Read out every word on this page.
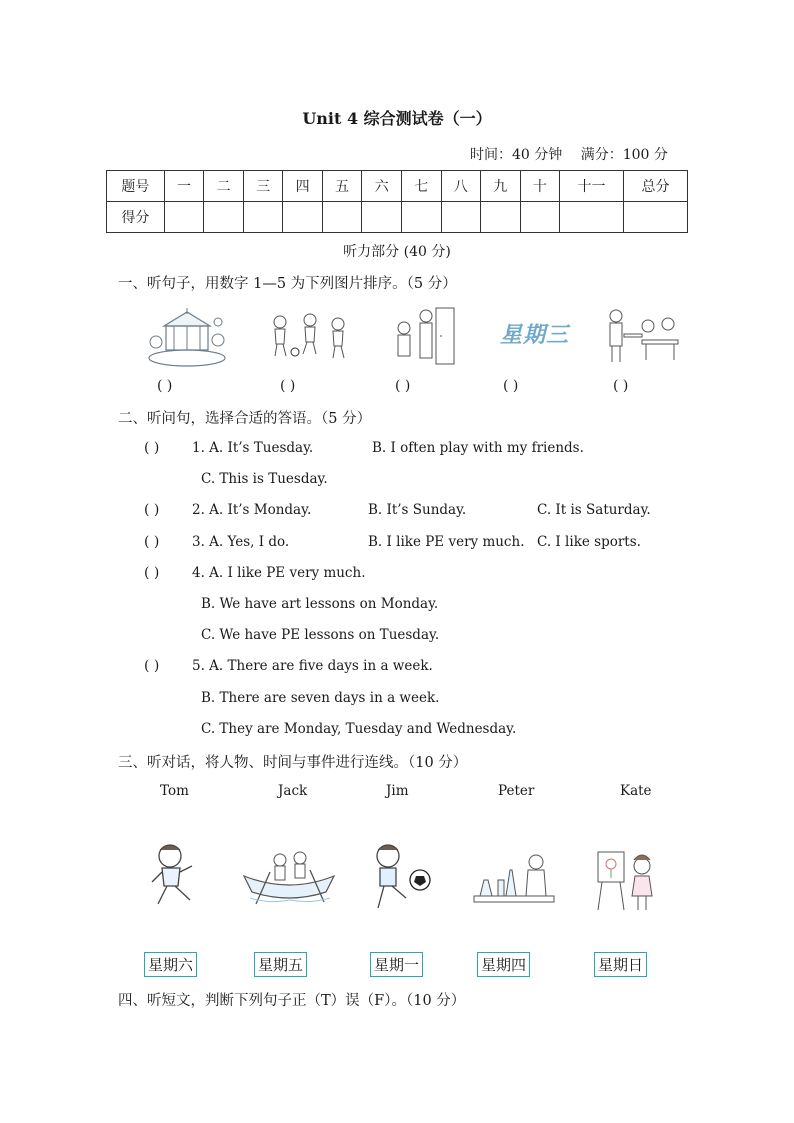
Unit 4 综合测试卷（一）
时间：40 分钟 满分：100 分
题号	一	二	三	四	五	六	七	八	九	十	十一	总分
得分												
听力部分 (40 分)
一、听句子，用数字 1—5 为下列图片排序。（5 分）
星期三
( )	( )	( )	( )	( )
二、听问句，选择合适的答语。（5 分）
( ) 1. A. It’s Tuesday.	B. I often play with my friends.
C. This is Tuesday.
( ) 2. A. It’s Monday.	B. It’s Sunday.	C. It is Saturday.
( ) 3. A. Yes, I do.	B. I like PE very much. C. I like sports.
( ) 4. A. I like PE very much.
B. We have art lessons on Monday.
C. We have PE lessons on Tuesday.
( ) 5. A. There are five days in a week.
B. There are seven days in a week.
C. They are Monday, Tuesday and Wednesday.
三、听对话，将人物、时间与事件进行连线。（10 分）
Tom	Jack	Jim	Peter	Kate
星期六	星期五	星期一	星期四	星期日
四、听短文，判断下列句子正（T）误（F）。（10 分）
